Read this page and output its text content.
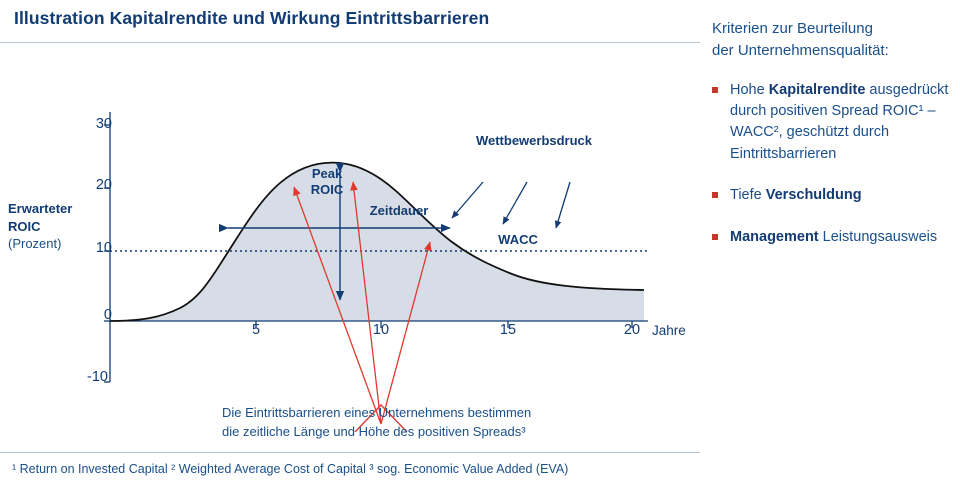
Illustration Kapitalrendite und Wirkung Eintrittsbarrieren
Erwarteter
ROIC
(Prozent)
30
20
10
0
-10
5	10	15	20 Jahre
Peak
ROIC
Zeitdauer
Wettbewerbsdruck
WACC
Die Eintrittsbarrieren eines Unternehmens bestimmen
die zeitliche Länge und Höhe des positiven Spreads³
Kriterien zur Beurteilung
der Unternehmensqualität:
Hohe Kapitalrendite ausgedrückt durch positiven Spread ROIC¹ –WACC², geschützt durch Eintrittsbarrieren
Tiefe Verschuldung
Management Leistungsausweis
¹ Return on Invested Capital ² Weighted Average Cost of Capital ³ sog. Economic Value Added (EVA)
